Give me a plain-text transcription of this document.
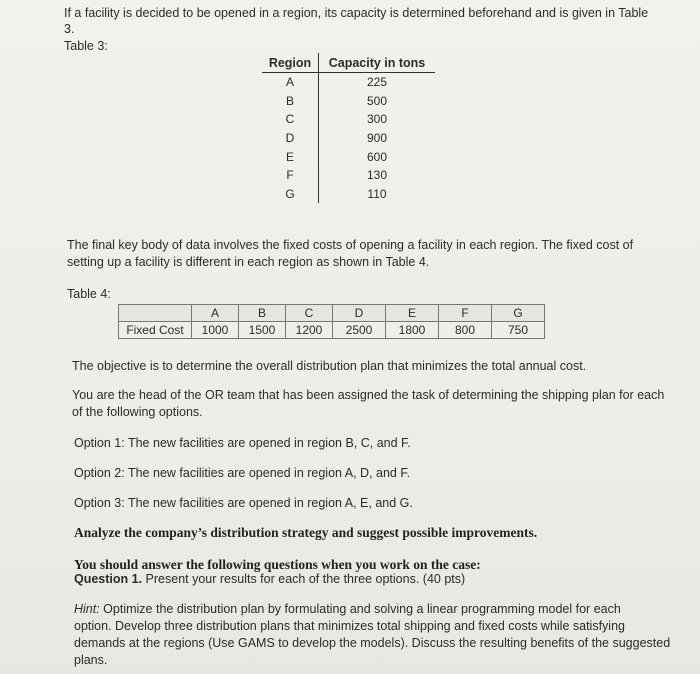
If a facility is decided to be opened in a region, its capacity is determined beforehand and is given in Table
3.
Table 3:
Region	Capacity in tons
A	225
B	500
C	300
D	900
E	600
F	130
G	110
The final key body of data involves the fixed costs of opening a facility in each region. The fixed cost of
setting up a facility is different in each region as shown in Table 4.
Table 4:
	A	B	C	D	E	F	G
Fixed Cost	1000	1500	1200	2500	1800	800	750
The objective is to determine the overall distribution plan that minimizes the total annual cost.
You are the head of the OR team that has been assigned the task of determining the shipping plan for each
of the following options.
Option 1: The new facilities are opened in region B, C, and F.
Option 2: The new facilities are opened in region A, D, and F.
Option 3: The new facilities are opened in region A, E, and G.
Analyze the company’s distribution strategy and suggest possible improvements.
You should answer the following questions when you work on the case:
Question 1. Present your results for each of the three options. (40 pts)
Hint: Optimize the distribution plan by formulating and solving a linear programming model for each
option. Develop three distribution plans that minimizes total shipping and fixed costs while satisfying
demands at the regions (Use GAMS to develop the models). Discuss the resulting benefits of the suggested
plans.
